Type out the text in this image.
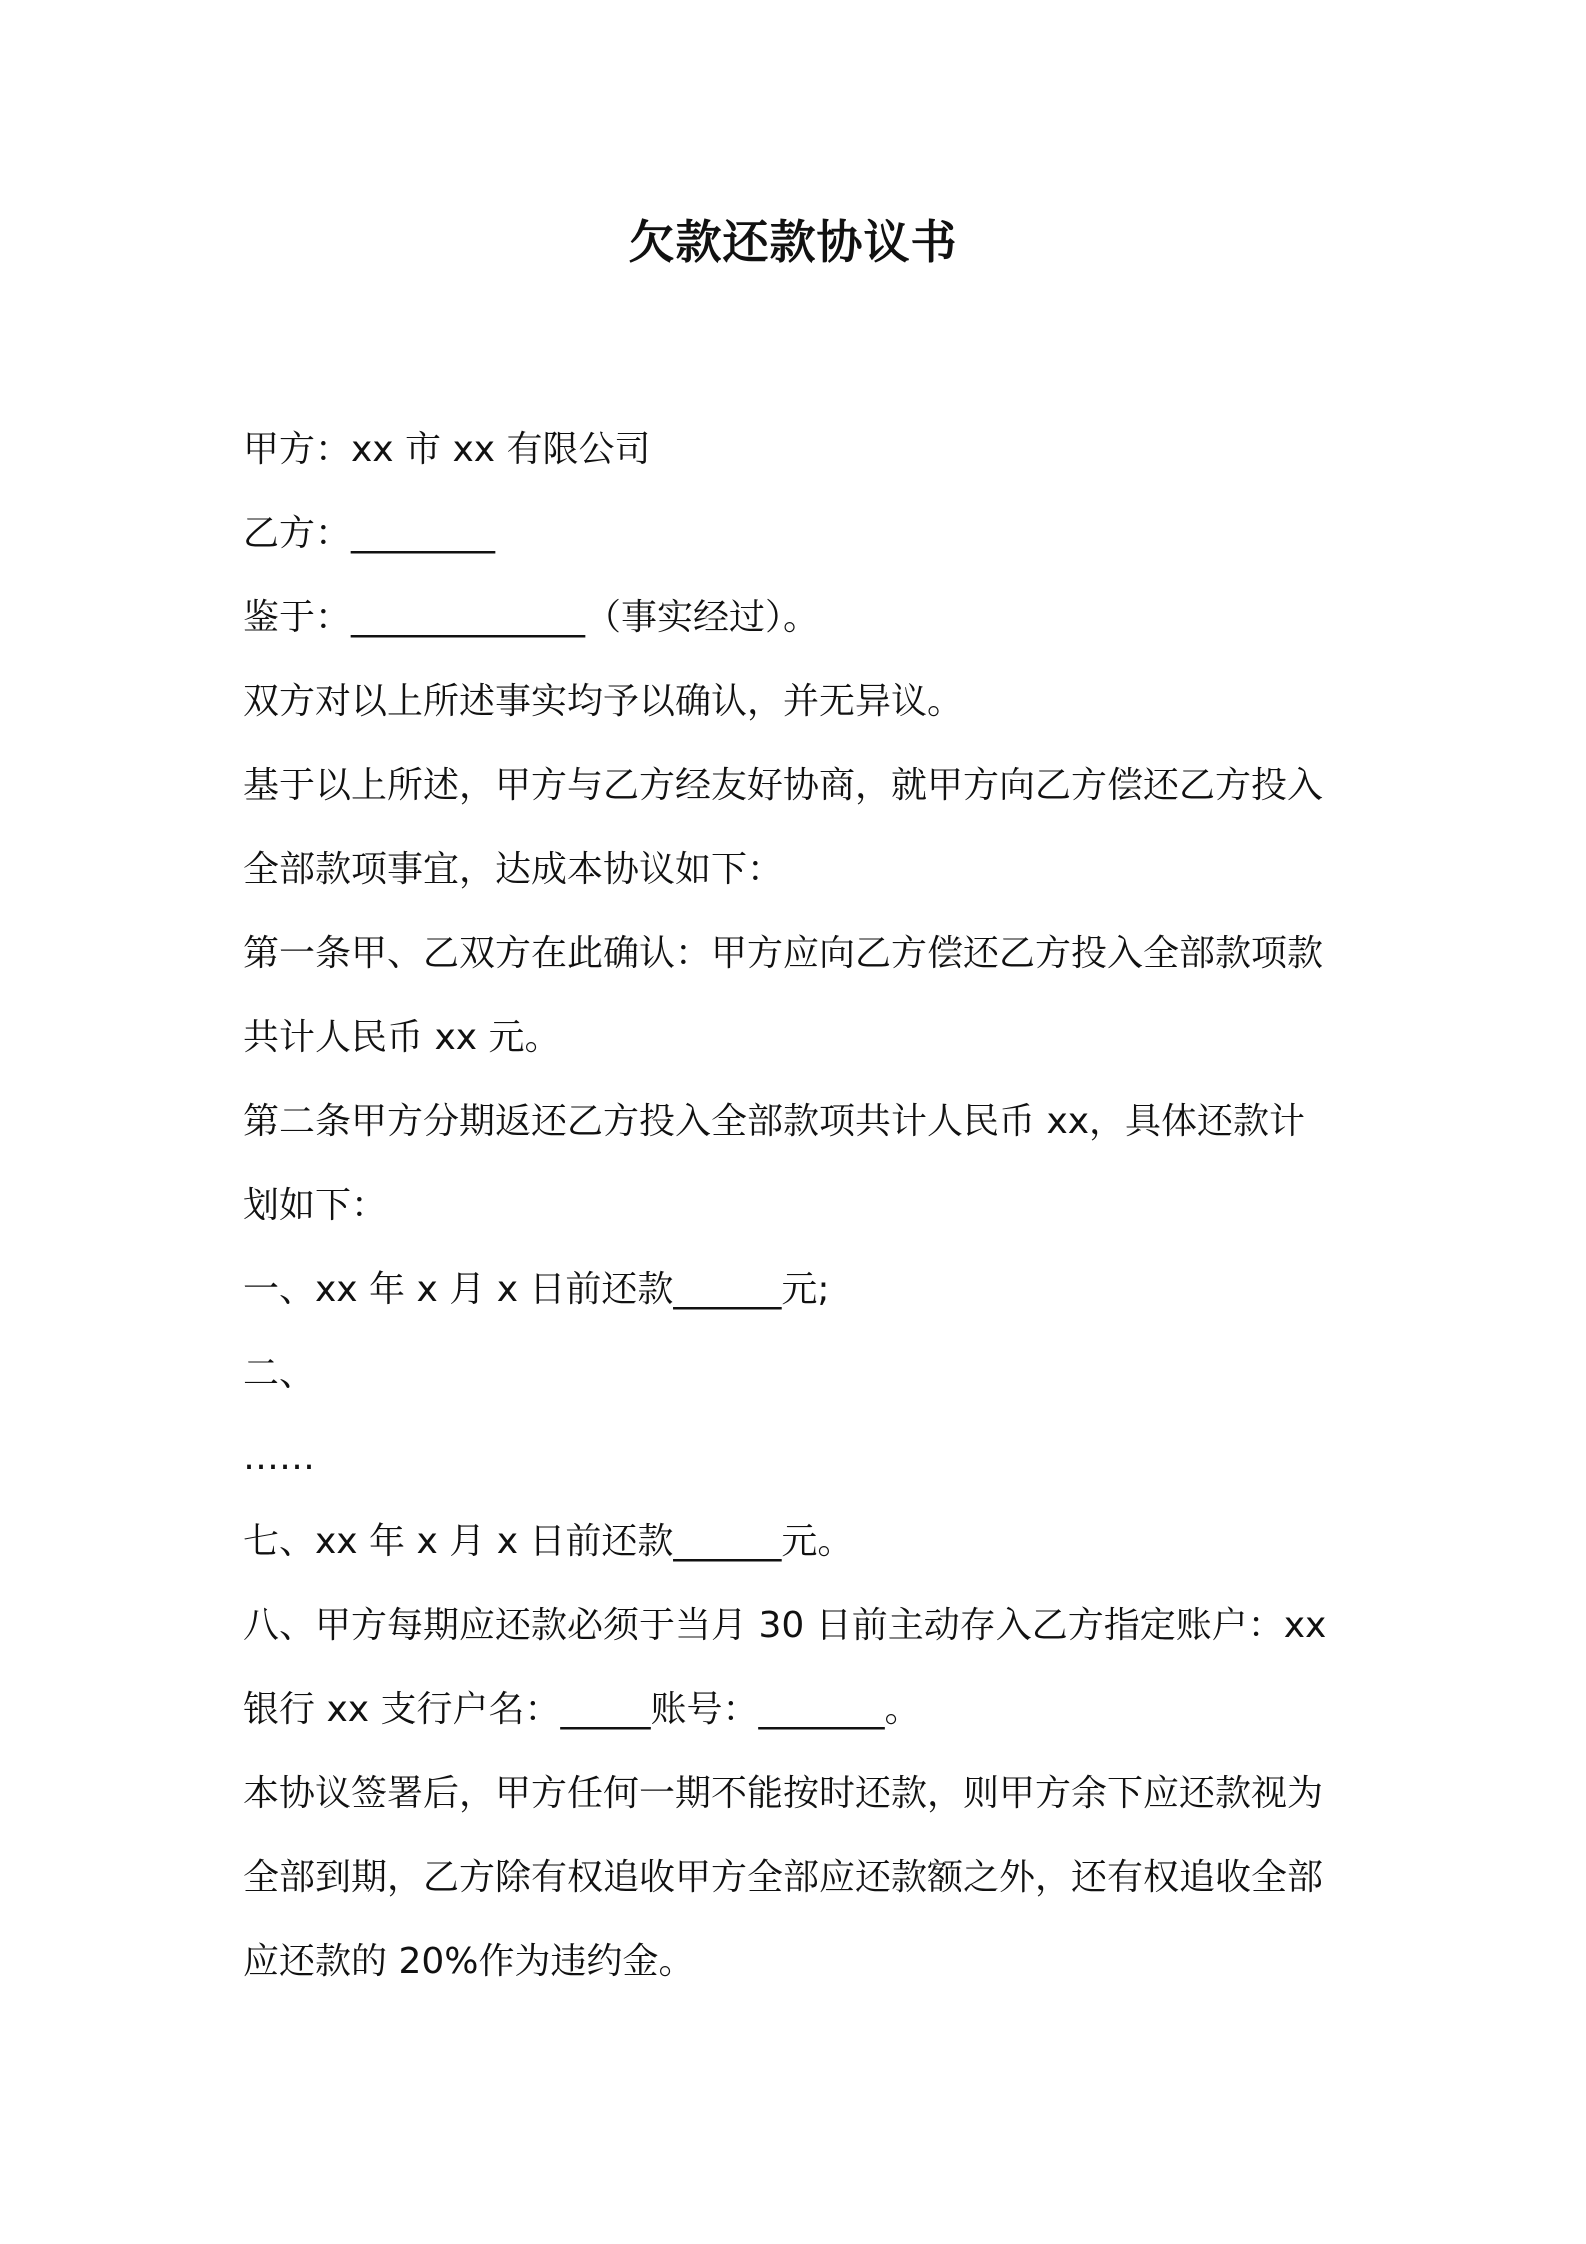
欠款还款协议书
甲方：xx 市 xx 有限公司
乙方：________
鉴于：_____________（事实经过）。
双方对以上所述事实均予以确认，并无异议。
基于以上所述，甲方与乙方经友好协商，就甲方向乙方偿还乙方投入
全部款项事宜，达成本协议如下：
第一条甲、乙双方在此确认：甲方应向乙方偿还乙方投入全部款项款
共计人民币 xx 元。
第二条甲方分期返还乙方投入全部款项共计人民币 xx，具体还款计
划如下：
一、xx 年 x 月 x 日前还款______元;
二、
……
七、xx 年 x 月 x 日前还款______元。
八、甲方每期应还款必须于当月 30 日前主动存入乙方指定账户：xx
银行 xx 支行户名：_____账号：_______。
本协议签署后，甲方任何一期不能按时还款，则甲方余下应还款视为
全部到期，乙方除有权追收甲方全部应还款额之外，还有权追收全部
应还款的 20%作为违约金。
